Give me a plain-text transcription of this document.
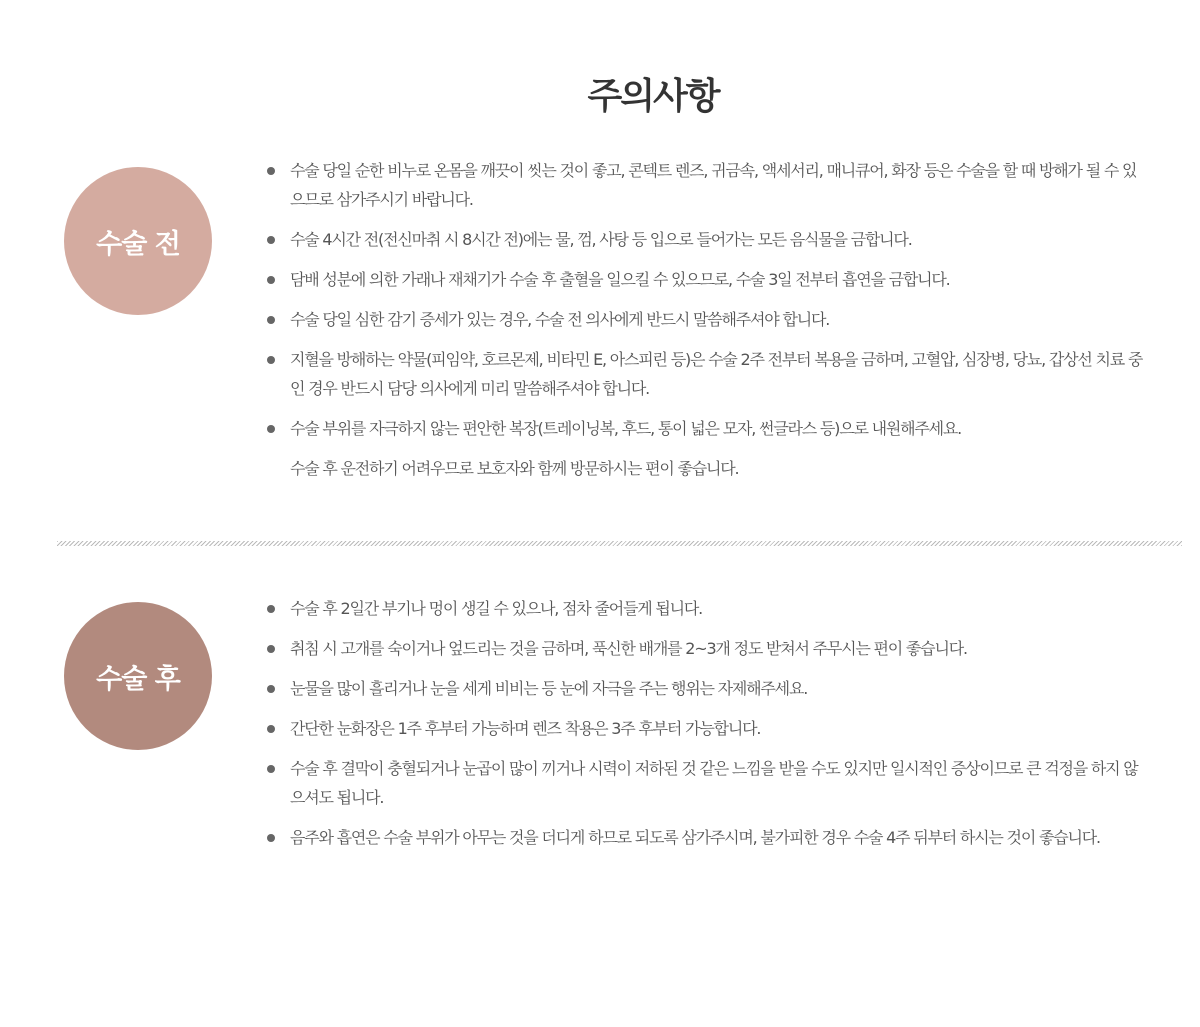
주의사항
수술 전
수술 당일 순한 비누로 온몸을 깨끗이 씻는 것이 좋고, 콘텍트 렌즈, 귀금속, 액세서리, 매니큐어, 화장 등은 수술을 할 때 방해가 될 수 있으므로 삼가주시기 바랍니다.
수술 4시간 전(전신마취 시 8시간 전)에는 물, 껌, 사탕 등 입으로 들어가는 모든 음식물을 금합니다.
담배 성분에 의한 가래나 재채기가 수술 후 출혈을 일으킬 수 있으므로, 수술 3일 전부터 흡연을 금합니다.
수술 당일 심한 감기 증세가 있는 경우, 수술 전 의사에게 반드시 말씀해주셔야 합니다.
지혈을 방해하는 약물(피임약, 호르몬제, 비타민 E, 아스피린 등)은 수술 2주 전부터 복용을 금하며, 고혈압, 심장병, 당뇨, 갑상선 치료 중인 경우 반드시 담당 의사에게 미리 말씀해주셔야 합니다.
수술 부위를 자극하지 않는 편안한 복장(트레이닝복, 후드, 통이 넓은 모자, 썬글라스 등)으로 내원해주세요.
수술 후 운전하기 어려우므로 보호자와 함께 방문하시는 편이 좋습니다.
수술 후
수술 후 2일간 부기나 멍이 생길 수 있으나, 점차 줄어들게 됩니다.
취침 시 고개를 숙이거나 엎드리는 것을 금하며, 푹신한 배개를 2~3개 정도 받쳐서 주무시는 편이 좋습니다.
눈물을 많이 흘리거나 눈을 세게 비비는 등 눈에 자극을 주는 행위는 자제해주세요.
간단한 눈화장은 1주 후부터 가능하며 렌즈 착용은 3주 후부터 가능합니다.
수술 후 결막이 충혈되거나 눈곱이 많이 끼거나 시력이 저하된 것 같은 느낌을 받을 수도 있지만 일시적인 증상이므로 큰 걱정을 하지 않으셔도 됩니다.
음주와 흡연은 수술 부위가 아무는 것을 더디게 하므로 되도록 삼가주시며, 불가피한 경우 수술 4주 뒤부터 하시는 것이 좋습니다.
